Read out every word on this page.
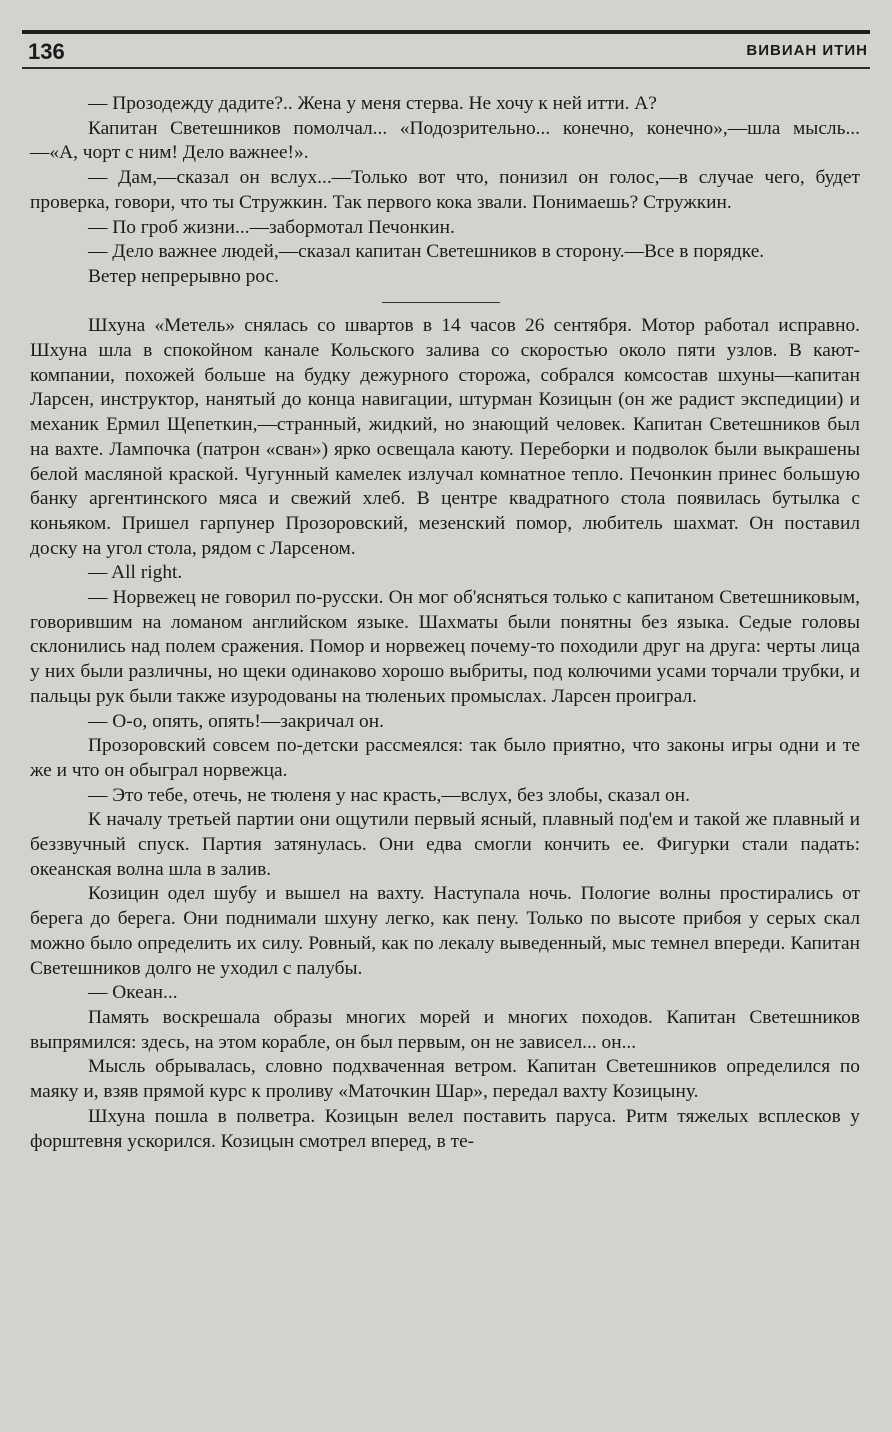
136	ВИВИАН ИТИН

— Прозодежду дадите?.. Жена у меня стерва. Не хочу к ней итти. А?

Капитан Светешников помолчал... «Подозрительно... конечно, конечно»,—шла мысль...—«А, чорт с ним! Дело важнее!».

— Дам,—сказал он вслух...—Только вот что, понизил он голос,—в случае чего, будет проверка, говори, что ты Стружкин. Так первого кока звали. Понимаешь? Стружкин.

— По гроб жизни...—забормотал Печонкин.

— Дело важнее людей,—сказал капитан Светешников в сторону.—Все в порядке.

Ветер непрерывно рос.

Шхуна «Метель» снялась со швартов в 14 часов 26 сентября. Мотор работал исправно. Шхуна шла в спокойном канале Кольского залива со скоростью около пяти узлов. В кают-компании, похожей больше на будку дежурного сторожа, собрался комсостав шхуны—капитан Ларсен, инструктор, нанятый до конца навигации, штурман Козицын (он же радист экспедиции) и механик Ермил Щепеткин,—странный, жидкий, но знающий человек. Капитан Светешников был на вахте. Лампочка (патрон «сван») ярко освещала каюту. Переборки и подволок были выкрашены белой масляной краской. Чугунный камелек излучал комнатное тепло. Печонкин принес большую банку аргентинского мяса и свежий хлеб. В центре квадратного стола появилась бутылка с коньяком. Пришел гарпунер Прозоровский, мезенский помор, любитель шахмат. Он поставил доску на угол стола, рядом с Ларсеном.

— All right.

— Норвежец не говорил по-русски. Он мог об'ясняться только с капитаном Светешниковым, говорившим на ломаном английском языке. Шахматы были понятны без языка. Седые головы склонились над полем сражения. Помор и норвежец почему-то походили друг на друга: черты лица у них были различны, но щеки одинаково хорошо выбриты, под колючими усами торчали трубки, и пальцы рук были также изуродованы на тюленьих промыслах. Ларсен проиграл.

— О-о, опять, опять!—закричал он.

Прозоровский совсем по-детски рассмеялся: так было приятно, что законы игры одни и те же и что он обыграл норвежца.

— Это тебе, отечь, не тюленя у нас красть,—вслух, без злобы, сказал он.

К началу третьей партии они ощутили первый ясный, плавный под'ем и такой же плавный и беззвучный спуск. Партия затянулась. Они едва смогли кончить ее. Фигурки стали падать: океанская волна шла в залив.

Козицин одел шубу и вышел на вахту. Наступала ночь. Пологие волны простирались от берега до берега. Они поднимали шхуну легко, как пену. Только по высоте прибоя у серых скал можно было определить их силу. Ровный, как по лекалу выведенный, мыс темнел впереди. Капитан Светешников долго не уходил с палубы.

— Океан...

Память воскрешала образы многих морей и многих походов. Капитан Светешников выпрямился: здесь, на этом корабле, он был первым, он не зависел... он...

Мысль обрывалась, словно подхваченная ветром. Капитан Светешников определился по маяку и, взяв прямой курс к проливу «Маточкин Шар», передал вахту Козицыну.

Шхуна пошла в полветра. Козицын велел поставить паруса. Ритм тяжелых всплесков у форштевня ускорился. Козицын смотрел вперед, в те-
